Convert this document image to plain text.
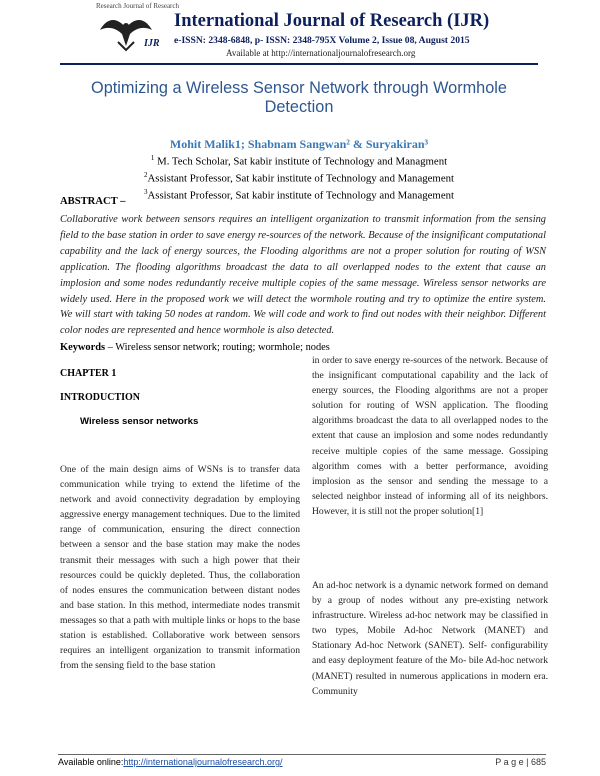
Research Journal of Research
IJR
International Journal of Research (IJR)
e-ISSN: 2348-6848, p- ISSN: 2348-795X Volume 2, Issue 08, August 2015
Available at http://internationaljournalofresearch.org
Optimizing a Wireless Sensor Network through Wormhole
Detection
Mohit Malik1; Shabnam Sangwan² & Suryakiran³
$^1$ M. Tech Scholar, Sat kabir institute of Technology and Managment
$^2$Assistant Professor, Sat kabir institute of Technology and Management
$^3$Assistant Professor, Sat kabir institute of Technology and Management
ABSTRACT –
Collaborative work between sensors requires an intelligent organization to transmit information from the sensing field to the base station in order to save energy re-sources of the network. Because of the insignificant computational capability and the lack of energy sources, the Flooding algorithms are not a proper solution for routing of WSN application. The flooding algorithms broadcast the data to all overlapped nodes to the extent that cause an implosion and some nodes redundantly receive multiple copies of the same message. Wireless sensor networks are widely used. Here in the proposed work we will detect the wormhole routing and try to optimize the entire system. We will start with taking 50 nodes at random. We will code and work to find out nodes with their neighbor. Different color nodes are represented and hence wormhole is also detected.
Keywords – Wireless sensor network; routing; wormhole; nodes
CHAPTER 1
INTRODUCTION
Wireless sensor networks
One of the main design aims of WSNs is to transfer data communication while trying to extend the lifetime of the network and avoid connectivity degradation by employing aggressive energy management techniques. Due to the limited range of communication, ensuring the direct connection between a sensor and the base station may make the nodes transmit their messages with such a high power that their resources could be quickly depleted. Thus, the collaboration of nodes ensures the communication between distant nodes and base station. In this method, intermediate nodes transmit messages so that a path with multiple links or hops to the base station is established. Collaborative work between sensors requires an intelligent organization to transmit information from the sensing field to the base station
in order to save energy re-sources of the network. Because of the insignificant computational capability and the lack of energy sources, the Flooding algorithms are not a proper solution for routing of WSN application. The flooding algorithms broadcast the data to all overlapped nodes to the extent that cause an implosion and some nodes redundantly receive multiple copies of the same message. Gossiping algorithm comes with a better performance, avoiding implosion as the sensor and sending the message to a selected neighbor instead of informing all of its neighbors. However, it is still not the proper solution[1]
An ad-hoc network is a dynamic network formed on demand by a group of nodes without any pre-existing network infrastructure. Wireless ad-hoc network may be classified in two types, Mobile Ad-hoc Network (MANET) and Stationary Ad-hoc Network (SANET). Self- configurability and easy deployment feature of the Mo- bile Ad-hoc network (MANET) resulted in numerous applications in modern era. Community
Available online:http://internationaljournalofresearch.org/	P a g e | 685
